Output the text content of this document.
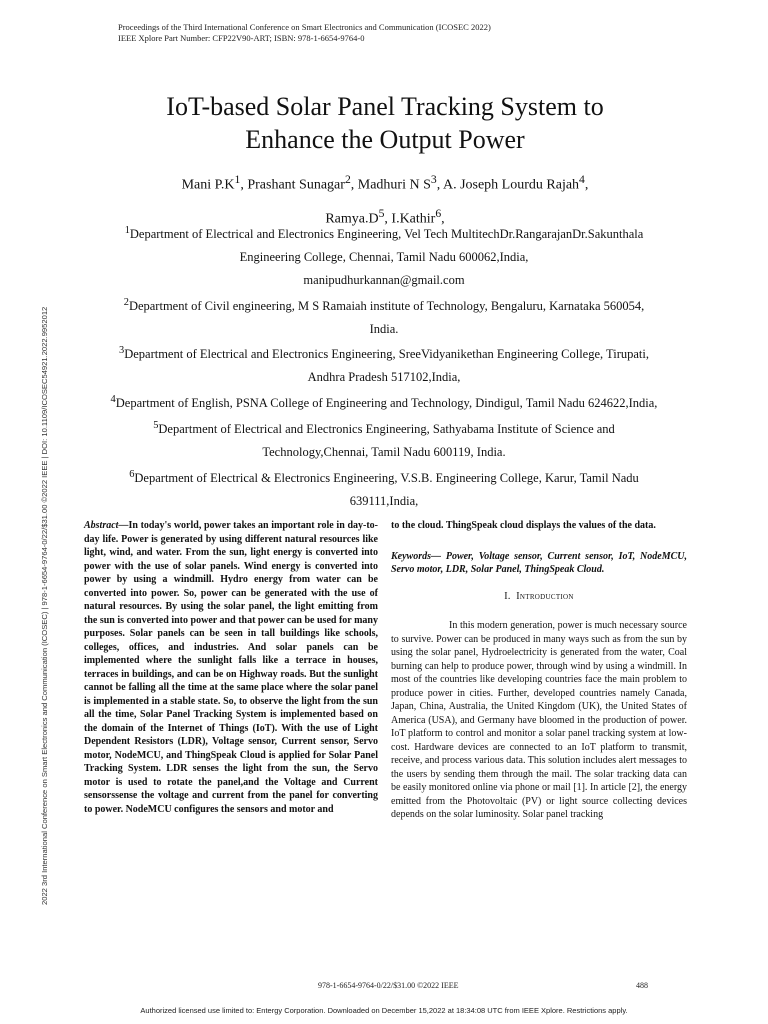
Proceedings of the Third International Conference on Smart Electronics and Communication (ICOSEC 2022)
IEEE Xplore Part Number: CFP22V90-ART; ISBN: 978-1-6654-9764-0
2022 3rd International Conference on Smart Electronics and Communication (ICOSEC) | 978-1-6654-9764-0/22/$31.00 ©2022 IEEE | DOI: 10.1109/ICOSEC54921.2022.9952012
IoT-based Solar Panel Tracking System to
Enhance the Output Power
Mani $P.K^1$, Prashant Sunagar$^2$, Madhuri N $S^3$, A. Joseph Lourdu Rajah$^4$,
$Ramya.D^5$, I.Kathir$^6$,

$^1$Department of Electrical and Electronics Engineering, Vel Tech MultitechDr.RangarajanDr.Sakunthala Engineering College, Chennai, Tamil Nadu 600062,India,

manipudhurkannan@gmail.com

$^2$Department of Civil engineering, M S Ramaiah institute of Technology, Bengaluru, Karnataka 560054, India.

$^3$Department of Electrical and Electronics Engineering, SreeVidyanikethan Engineering College, Tirupati, Andhra Pradesh 517102,India,

$^4$Department of English, PSNA College of Engineering and Technology, Dindigul, Tamil Nadu 624622,India,

$^5$Department of Electrical and Electronics Engineering, Sathyabama Institute of Science and Technology,Chennai, Tamil Nadu 600119, India.

$^6$Department of Electrical & Electronics Engineering, V.S.B. Engineering College, Karur, Tamil Nadu 639111,India,

Abstract—In today's world, power takes an important role in day-to-day life. Power is generated by using different natural resources like light, wind, and water. From the sun, light energy is converted into power with the use of solar panels. Wind energy is converted into power by using a windmill. Hydro energy from water can be converted into power. So, power can be generated with the use of natural resources. By using the solar panel, the light emitting from the sun is converted into power and that power can be used for many purposes. Solar panels can be seen in tall buildings like schools, colleges, offices, and industries. And solar panels can be implemented where the sunlight falls like a terrace in houses, terraces in buildings, and can be on Highway roads. But the sunlight cannot be falling all the time at the same place where the solar panel is implemented in a stable state. So, to observe the light from the sun all the time, Solar Panel Tracking System is implemented based on the domain of the Internet of Things (IoT). With the use of Light Dependent Resistors (LDR), Voltage sensor, Current sensor, Servo motor, NodeMCU, and ThingSpeak Cloud is applied for Solar Panel Tracking System. LDR senses the light from the sun, the Servo motor is used to rotate the panel,and the Voltage and Current sensorssense the voltage and current from the panel for converting to power. NodeMCU configures the sensors and motor and
to the cloud. ThingSpeak cloud displays the values of the data.
Keywords— Power, Voltage sensor, Current sensor, IoT, NodeMCU, Servo motor, LDR, Solar Panel, ThingSpeak Cloud.
I. Introduction
In this modern generation, power is much necessary source to survive. Power can be produced in many ways such as from the sun by using the solar panel, Hydroelectricity is generated from the water, Coal burning can help to produce power, through wind by using a windmill. In most of the countries like developing countries face the main problem to produce power in cities. Further, developed countries namely Canada, Japan, China, Australia, the United Kingdom (UK), the United States of America (USA), and Germany have bloomed in the production of power. IoT platform to control and monitor a solar panel tracking system at low-cost. Hardware devices are connected to an IoT platform to transmit, receive, and process various data. This solution includes alert messages to the users by sending them through the mail. The solar tracking data can be easily monitored online via phone or mail [1]. In article [2], the energy emitted from the Photovoltaic (PV) or light source collecting devices depends on the solar luminosity. Solar panel tracking
978-1-6654-9764-0/22/$31.00 ©2022 IEEE	488
Authorized licensed use limited to: Entergy Corporation. Downloaded on December 15,2022 at 18:34:08 UTC from IEEE Xplore. Restrictions apply.
